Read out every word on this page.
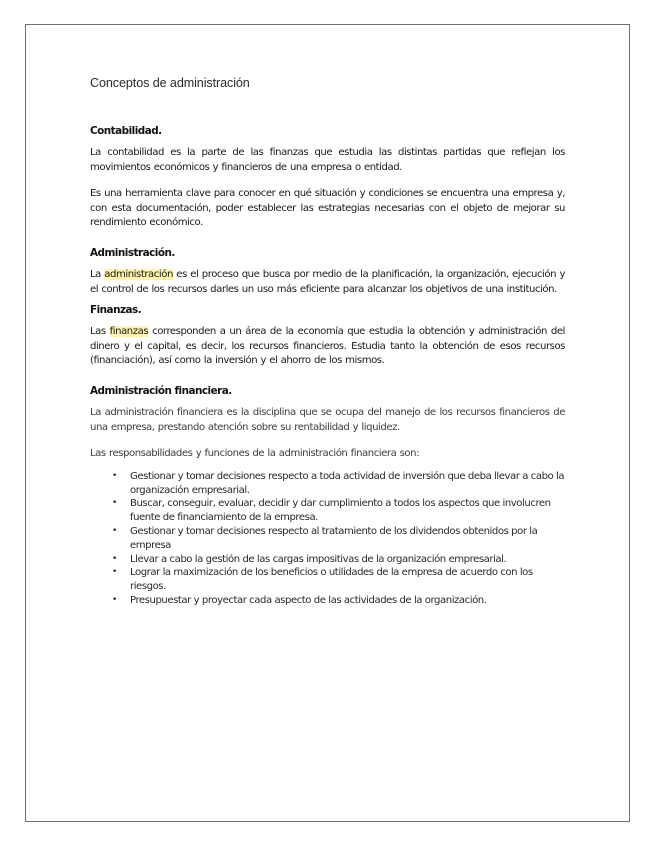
Conceptos de administración
Contabilidad.

La contabilidad es la parte de las finanzas que estudia las distintas partidas que reflejan los movimientos económicos y financieros de una empresa o entidad.

Es una herramienta clave para conocer en qué situación y condiciones se encuentra una empresa y, con esta documentación, poder establecer las estrategias necesarias con el objeto de mejorar su rendimiento económico.

Administración.

La administración es el proceso que busca por medio de la planificación, la organización, ejecución y el control de los recursos darles un uso más eficiente para alcanzar los objetivos de una institución.

Finanzas.

Las finanzas corresponden a un área de la economía que estudia la obtención y administración del dinero y el capital, es decir, los recursos financieros. Estudia tanto la obtención de esos recursos (financiación), así como la inversión y el ahorro de los mismos.

Administración financiera.

La administración financiera es la disciplina que se ocupa del manejo de los recursos financieros de una empresa, prestando atención sobre su rentabilidad y liquidez.

Las responsabilidades y funciones de la administración financiera son:

• Gestionar y tomar decisiones respecto a toda actividad de inversión que deba llevar a cabo la organización empresarial.
• Buscar, conseguir, evaluar, decidir y dar cumplimiento a todos los aspectos que involucren fuente de financiamiento de la empresa.
• Gestionar y tomar decisiones respecto al tratamiento de los dividendos obtenidos por la empresa
• Llevar a cabo la gestión de las cargas impositivas de la organización empresarial.
• Lograr la maximización de los beneficios o utilidades de la empresa de acuerdo con los riesgos.
• Presupuestar y proyectar cada aspecto de las actividades de la organización.
